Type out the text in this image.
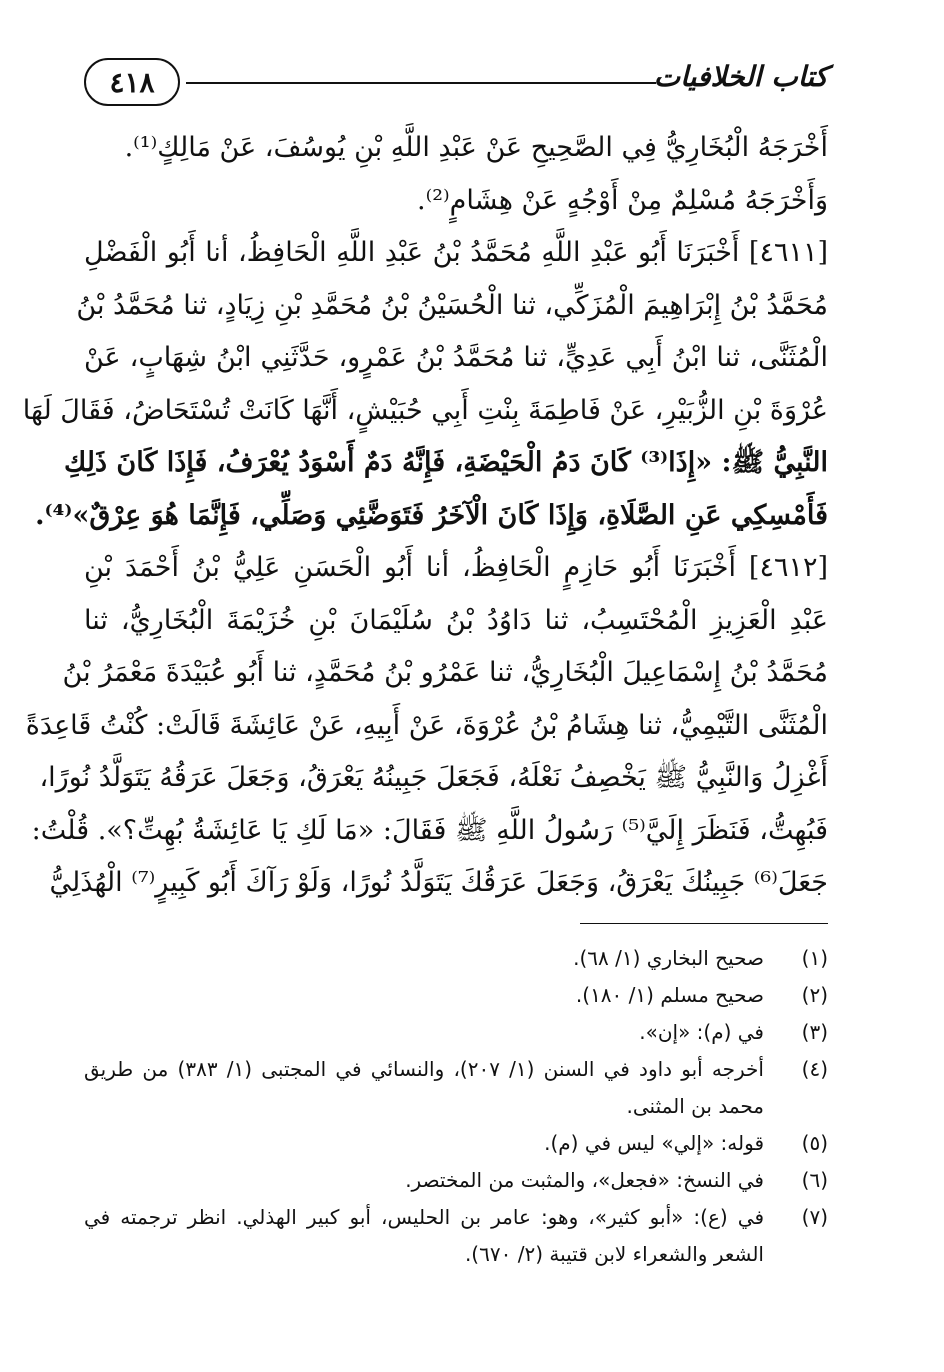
٤١٨	كتاب الخلافيات
أَخْرَجَهُ الْبُخَارِيُّ فِي الصَّحِيحِ عَنْ عَبْدِ اللَّهِ بْنِ يُوسُفَ، عَنْ مَالِكٍ⁽¹⁾.
وَأَخْرَجَهُ مُسْلِمٌ مِنْ أَوْجُهٍ عَنْ هِشَامٍ⁽²⁾.
[٤٦١١] أَخْبَرَنَا أَبُو عَبْدِ اللَّهِ مُحَمَّدُ بْنُ عَبْدِ اللَّهِ الْحَافِظُ، أنا أَبُو الْفَضْلِ
مُحَمَّدُ بْنُ إِبْرَاهِيمَ الْمُزَكِّي، ثنا الْحُسَيْنُ بْنُ مُحَمَّدِ بْنِ زِيَادٍ، ثنا مُحَمَّدُ بْنُ
الْمُثَنَّى، ثنا ابْنُ أَبِي عَدِيٍّ، ثنا مُحَمَّدُ بْنُ عَمْرٍو، حَدَّثَنِي ابْنُ شِهَابٍ، عَنْ
عُرْوَةَ بْنِ الزُّبَيْرِ، عَنْ فَاطِمَةَ بِنْتِ أَبِي حُبَيْشٍ، أَنَّهَا كَانَتْ تُسْتَحَاضُ، فَقَالَ لَهَا
النَّبِيُّ ﷺ: «إِذَا⁽³⁾ كَانَ دَمُ الْحَيْضَةِ، فَإِنَّهُ دَمٌ أَسْوَدُ يُعْرَفُ، فَإِذَا كَانَ ذَلِكِ
فَأَمْسِكِي عَنِ الصَّلَاةِ، وَإِذَا كَانَ الْآخَرُ فَتَوَضَّئِي وَصَلِّي، فَإِنَّمَا هُوَ عِرْقٌ»⁽⁴⁾.
[٤٦١٢] أَخْبَرَنَا أَبُو حَازِمٍ الْحَافِظُ، أنا أَبُو الْحَسَنِ عَلِيُّ بْنُ أَحْمَدَ بْنِ
عَبْدِ الْعَزِيزِ الْمُحْتَسِبُ، ثنا دَاوُدُ بْنُ سُلَيْمَانَ بْنِ خُزَيْمَةَ الْبُخَارِيُّ، ثنا
مُحَمَّدُ بْنُ إِسْمَاعِيلَ الْبُخَارِيُّ، ثنا عَمْرُو بْنُ مُحَمَّدٍ، ثنا أَبُو عُبَيْدَةَ مَعْمَرُ بْنُ
الْمُثَنَّى التَّيْمِيُّ، ثنا هِشَامُ بْنُ عُرْوَةَ، عَنْ أَبِيهِ، عَنْ عَائِشَةَ قَالَتْ: كُنْتُ قَاعِدَةً
أَغْزِلُ وَالنَّبِيُّ ﷺ يَخْصِفُ نَعْلَهُ، فَجَعَلَ جَبِينُهُ يَعْرَقُ، وَجَعَلَ عَرَقُهُ يَتَوَلَّدُ نُورًا،
فَبُهِتُّ، فَنَظَرَ إِلَيَّ⁽⁵⁾ رَسُولُ اللَّهِ ﷺ فَقَالَ: «مَا لَكِ يَا عَائِشَةُ بُهِتِّ؟». قُلْتُ:
جَعَلَ⁽⁶⁾ جَبِينُكَ يَعْرَقُ، وَجَعَلَ عَرَقُكَ يَتَوَلَّدُ نُورًا، وَلَوْ رَآكَ أَبُو كَبِيرٍ⁽⁷⁾ الْهُذَلِيُّ
(١)
صحيح البخاري (١/ ٦٨).
(٢)
صحيح مسلم (١/ ١٨٠).
(٣)
في (م): «إن».
(٤)
أخرجه أبو داود في السنن (١/ ٢٠٧)، والنسائي في المجتبى (١/ ٣٨٣) من طريق محمد بن المثنى.
(٥)
قوله: «إلي» ليس في (م).
(٦)
في النسخ: «فجعل»، والمثبت من المختصر.
(٧)
في (ع): «أبو كثير»، وهو: عامر بن الحليس، أبو كبير الهذلي. انظر ترجمته في الشعر والشعراء لابن قتيبة (٢/ ٦٧٠).
